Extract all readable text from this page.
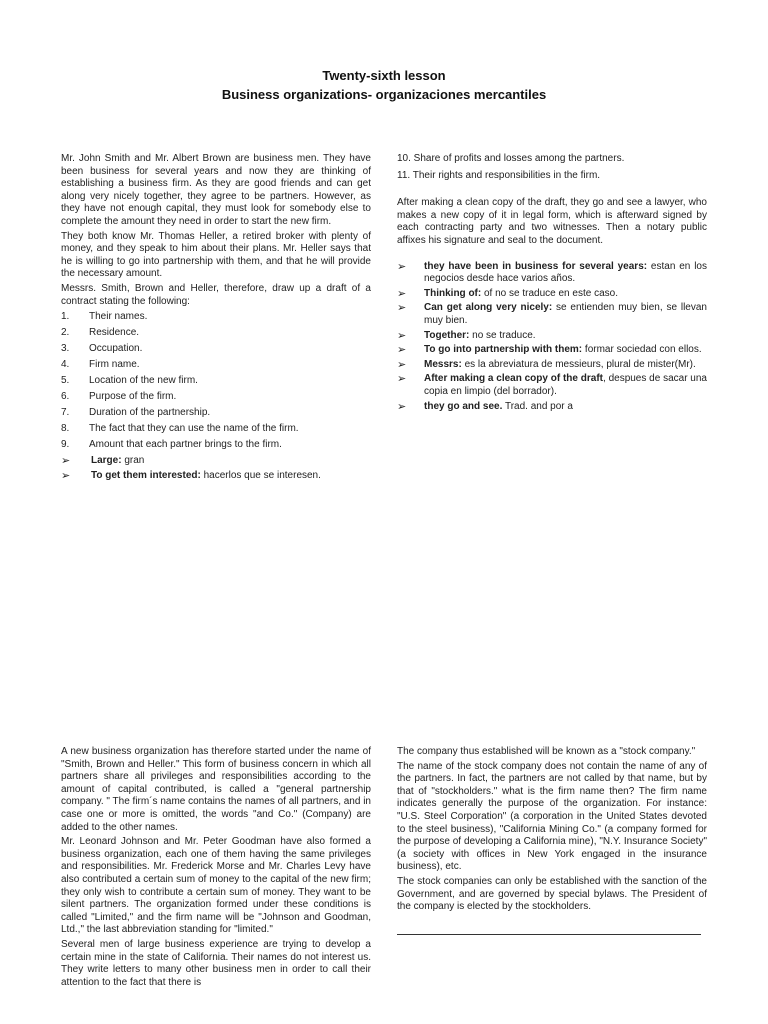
Twenty-sixth lesson
Business organizations- organizaciones mercantiles

Mr. John Smith and Mr. Albert Brown are business men. They have been business for several years and now they are thinking of establishing a business firm. As they are good friends and can get along very nicely together, they agree to be partners. However, as they have not enough capital, they must look for somebody else to complete the amount they need in order to start the new firm.

They both know Mr. Thomas Heller, a retired broker with plenty of money, and they speak to him about their plans. Mr. Heller says that he is willing to go into partnership with them, and that he will provide the necessary amount.

Messrs. Smith, Brown and Heller, therefore, draw up a draft of a contract stating the following:

1.	Their names.
2.	Residence.
3.	Occupation.
4.	Firm name.
5.	Location of the new firm.
6.	Purpose of the firm.
7.	Duration of the partnership.
8.	The fact that they can use the name of the firm.
9.	Amount that each partner brings to the firm.
➢	Large: gran
➢	To get them interested: hacerlos que se interesen.
10. Share of profits and losses among the partners.
11. Their rights and responsibilities in the firm.

After making a clean copy of the draft, they go and see a lawyer, who makes a new copy of it in legal form, which is afterward signed by each contracting party and two witnesses. Then a notary public affixes his signature and seal to the document.

➢	they have been in business for several years: estan en los negocios desde hace varios años.
➢	Thinking of: of no se traduce en este caso.
➢	Can get along very nicely: se entienden muy bien, se llevan muy bien.
➢	Together: no se traduce.
➢	To go into partnership with them: formar sociedad con ellos.
➢	Messrs: es la abreviatura de messieurs, plural de mister(Mr).
➢	After making a clean copy of the draft, despues de sacar una copia en limpio (del borrador).
➢	they go and see. Trad. and por a

A new business organization has therefore started under the name of "Smith, Brown and Heller." This form of business concern in which all partners share all privileges and responsibilities according to the amount of capital contributed, is called a "general partnership company. " The firm´s name contains the names of all partners, and in case one or more is omitted, the words "and Co." (Company) are added to the other names.

Mr. Leonard Johnson and Mr. Peter Goodman have also formed a business organization, each one of them having the same privileges and responsibilities. Mr. Frederick Morse and Mr. Charles Levy have also contributed a certain sum of money to the capital of the new firm; they only wish to contribute a certain sum of money. They want to be silent partners. The organization formed under these conditions is called "Limited," and the firm name will be "Johnson and Goodman, Ltd.," the last abbreviation standing for "limited."

Several men of large business experience are trying to develop a certain mine in the state of California. Their names do not interest us. They write letters to many other business men in order to call their attention to the fact that there is

The company thus established will be known as a "stock company."

The name of the stock company does not contain the name of any of the partners. In fact, the partners are not called by that name, but by that of "stockholders." what is the firm name then? The firm name indicates generally the purpose of the organization. For instance: "U.S. Steel Corporation" (a corporation in the United States devoted to the steel business), "California Mining Co." (a company formed for the purpose of developing a California mine), "N.Y. Insurance Society" (a society with offices in New York engaged in the insurance business), etc.

The stock companies can only be established with the sanction of the Government, and are governed by special bylaws. The President of the company is elected by the stockholders.
